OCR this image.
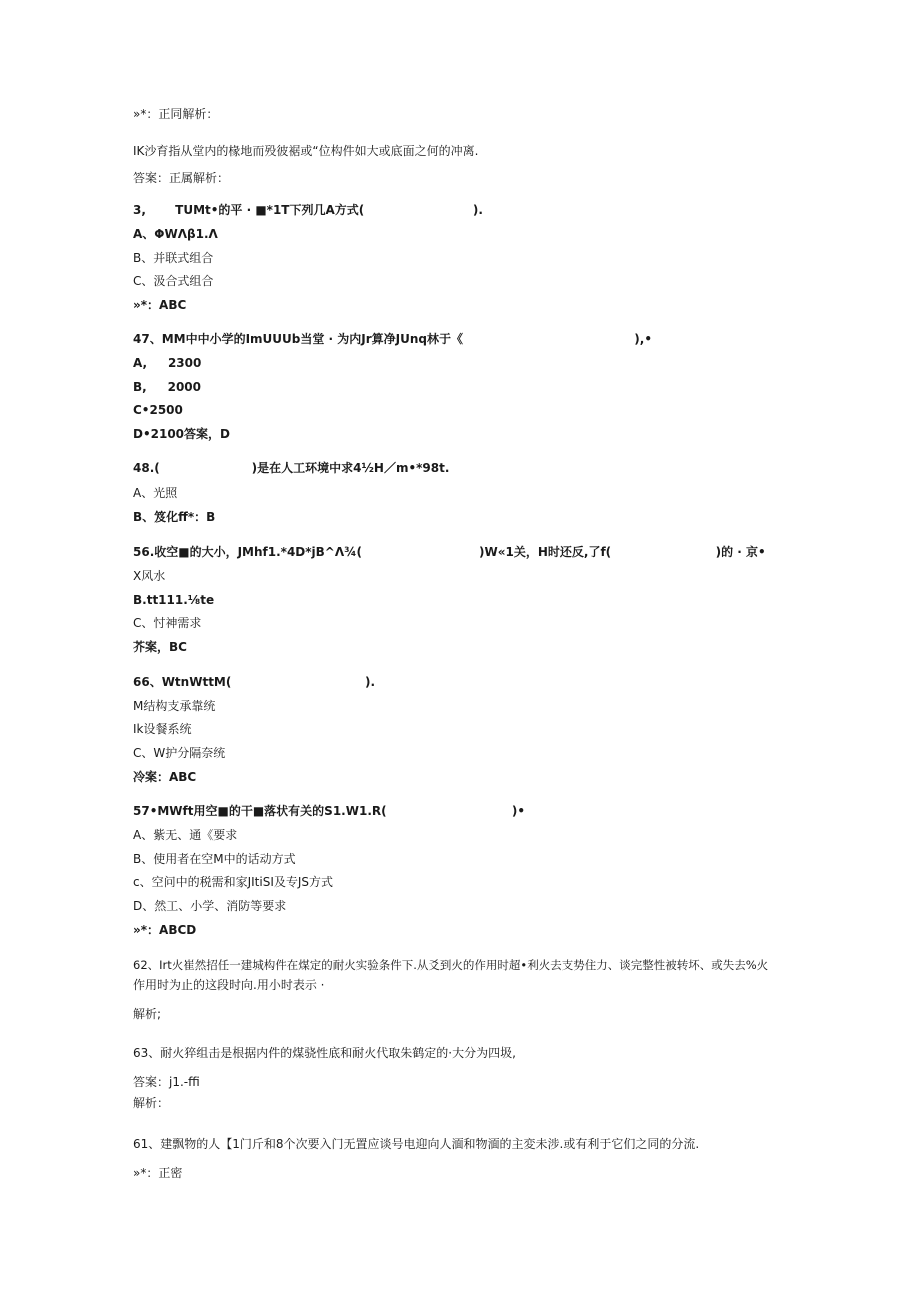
»*：正同解析：
IK沙育指从堂内的椽地而殁彼裾或“位构件如大或底面之何的冲离.
答案：正属解析：
3,       TUMt•的平 · ■*1T下列几A方式(                          ).
A、ΦWΛβ1.Λ
B、并联式组合
C、汲合式组合
»*：ABC
47、MM中中小学的ImUUUb当堂 · 为内Jr算净JUnq林于《                                         ),•
A,     2300
B,     2000
C•2500
D•2100答案，D
48.(                      )是在人工环境中求4½H／m•*98t.
A、光照
B、笈化ff*：B
56.收空■的大小，JMhf1.*4D*jB^Λ¾(                            )W«1关，H时还反,了f(                         )的 · 京•
X风水
B.tt111.⅛te
C、忖神需求
芥案，BC
66、WtnWttM(                                ).
M结构支承靠统
Ik设餐系统
C、W护分隔奈统
冷案：ABC
57•MWft用空■的干■落状有关的S1.W1.R(                              )•
A、紫无、通《要求
B、使用者在空M中的话动方式
c、空问中的税需和家JItiSI及专JS方式
D、然工、小学、消防等要求
»*：ABCD
62、Irt火崔然招任一建城构件在煤定的耐火实验条件下.从爻到火的作用时超•利火去支势住力、谈完整性被转坏、或失去%火
作用时为止的这段时向.用小时表示 ·
解析;
63、耐火猝组击是根据内件的煤骁性底和耐火代取朱鹤定的·大分为四圾,
答案：j1.-ffi
解析：
61、建飘物的人【1门斤和8个次要入门无置应谈号电迎向人湎和物湎的主変未涉.或有利于它们之同的分流.
»*：正密
